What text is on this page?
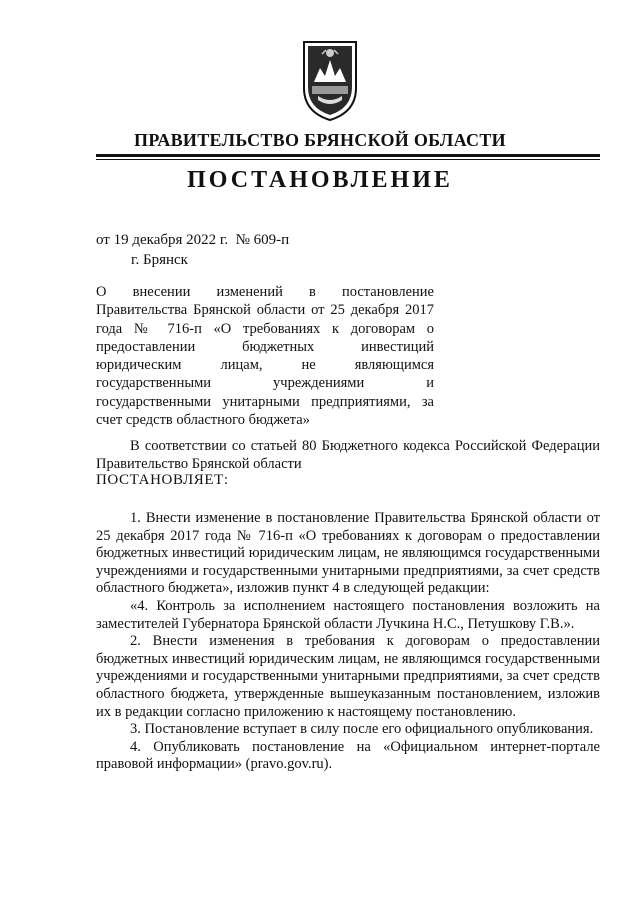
ПРАВИТЕЛЬСТВО БРЯНСКОЙ ОБЛАСТИ
ПОСТАНОВЛЕНИЕ
от 19 декабря 2022 г.  № 609-п
г. Брянск
О внесении изменений в постановление Правительства Брянской области от 25 декабря 2017 года № 716-п «О требованиях к договорам о предоставлении бюджетных инвестиций юридическим лицам, не являющимся государственными учреждениями и государственными унитарными предприятиями, за счет средств областного бюджета»
В соответствии со статьей 80 Бюджетного кодекса Российской Федерации Правительство Брянской области
ПОСТАНОВЛЯЕТ:

1. Внести изменение в постановление Правительства Брянской области от 25 декабря 2017 года № 716-п «О требованиях к договорам о предоставлении бюджетных инвестиций юридическим лицам, не являющимся государственными учреждениями и государственными унитарными предприятиями, за счет средств областного бюджета», изложив пункт 4 в следующей редакции:

«4. Контроль за исполнением настоящего постановления возложить на заместителей Губернатора Брянской области Лучкина Н.С., Петушкову Г.В.».

2. Внести изменения в требования к договорам о предоставлении бюджетных инвестиций юридическим лицам, не являющимся государственными учреждениями и государственными унитарными предприятиями, за счет средств областного бюджета, утвержденные вышеуказанным постановлением, изложив их в редакции согласно приложению к настоящему постановлению.

3. Постановление вступает в силу после его официального опубликования.

4. Опубликовать постановление на «Официальном интернет-портале правовой информации» (pravo.gov.ru).
